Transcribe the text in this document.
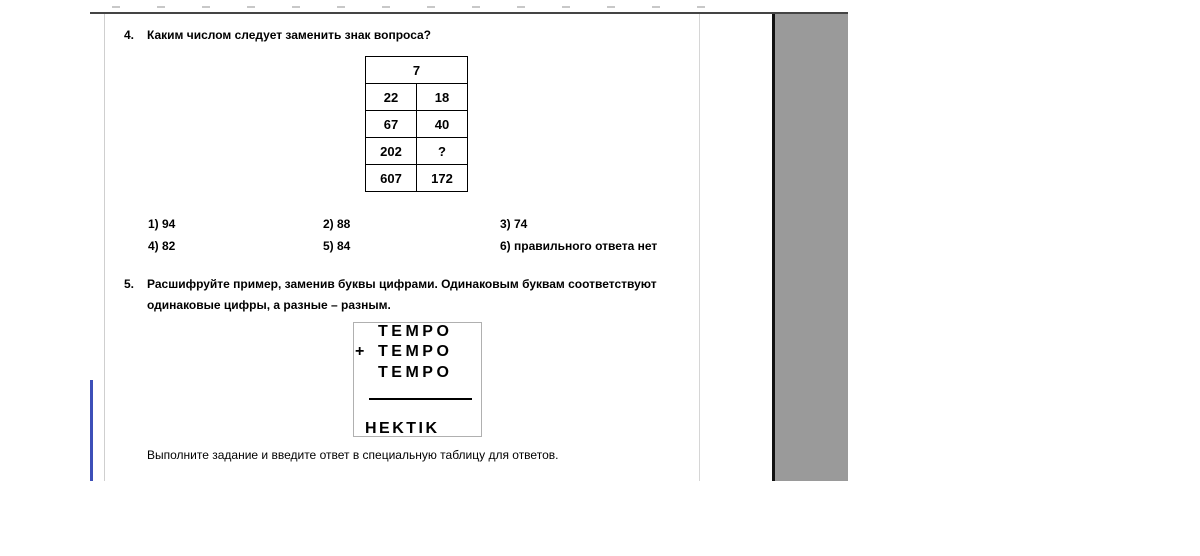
4. Каким числом следует заменить знак вопроса?
7	
22	18
67	40
202	?
607	172
1) 94	2) 88	3) 74
4) 82	5) 84	6) правильного ответа нет
5. Расшифруйте пример, заменив буквы цифрами. Одинаковым буквам соответствуют
одинаковые цифры, а разные – разным.
TEMPO
+ TEMPO
TEMPO
HEKTIK
Выполните задание и введите ответ в специальную таблицу для ответов.
